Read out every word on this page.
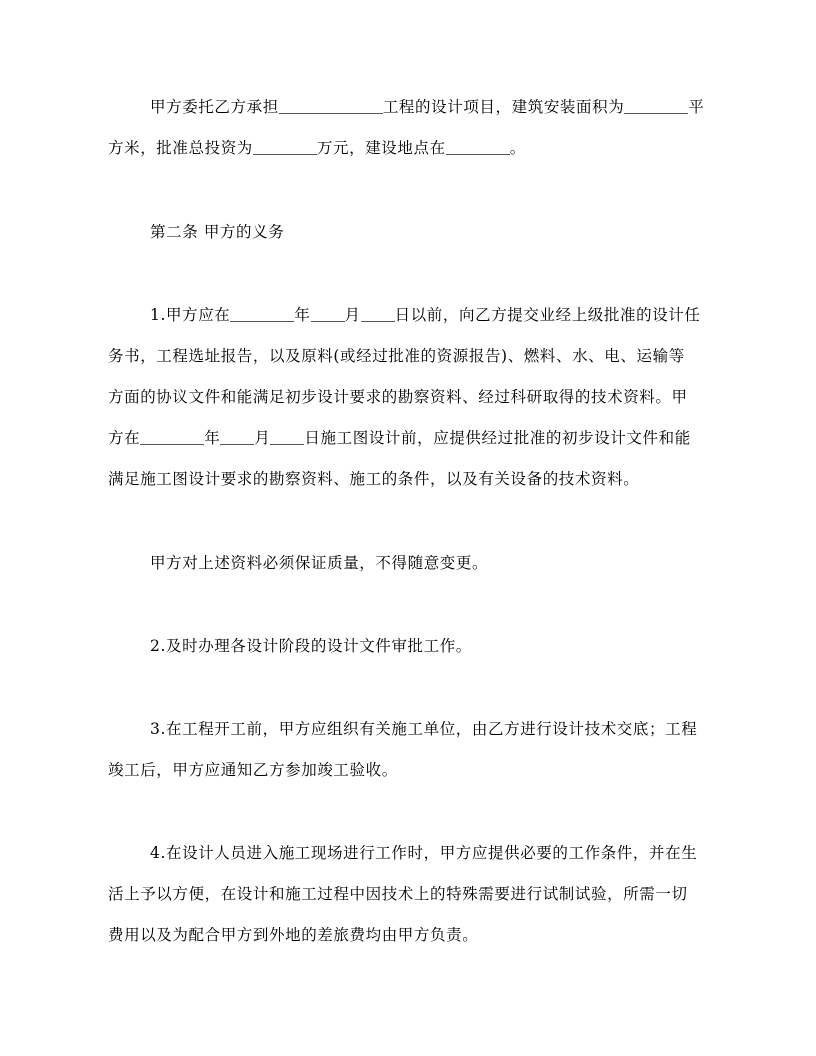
甲方委托乙方承担	工程的设计项目，建筑安装面积为	平
方米，批准总投资为	万元，建设地点在	。
第二条 甲方的义务
1.甲方应在	年 月 日以前，向乙方提交业经上级批准的设计任
务书，工程选址报告，以及原料(或经过批准的资源报告)、燃料、水、电、运输等
方面的协议文件和能满足初步设计要求的勘察资料、经过科研取得的技术资料。甲
方在	年 月 日施工图设计前，应提供经过批准的初步设计文件和能
满足施工图设计要求的勘察资料、施工的条件，以及有关设备的技术资料。
甲方对上述资料必须保证质量，不得随意变更。
2.及时办理各设计阶段的设计文件审批工作。
3.在工程开工前，甲方应组织有关施工单位，由乙方进行设计技术交底；工程
竣工后，甲方应通知乙方参加竣工验收。
4.在设计人员进入施工现场进行工作时，甲方应提供必要的工作条件，并在生
活上予以方便，在设计和施工过程中因技术上的特殊需要进行试制试验，所需一切
费用以及为配合甲方到外地的差旅费均由甲方负责。
